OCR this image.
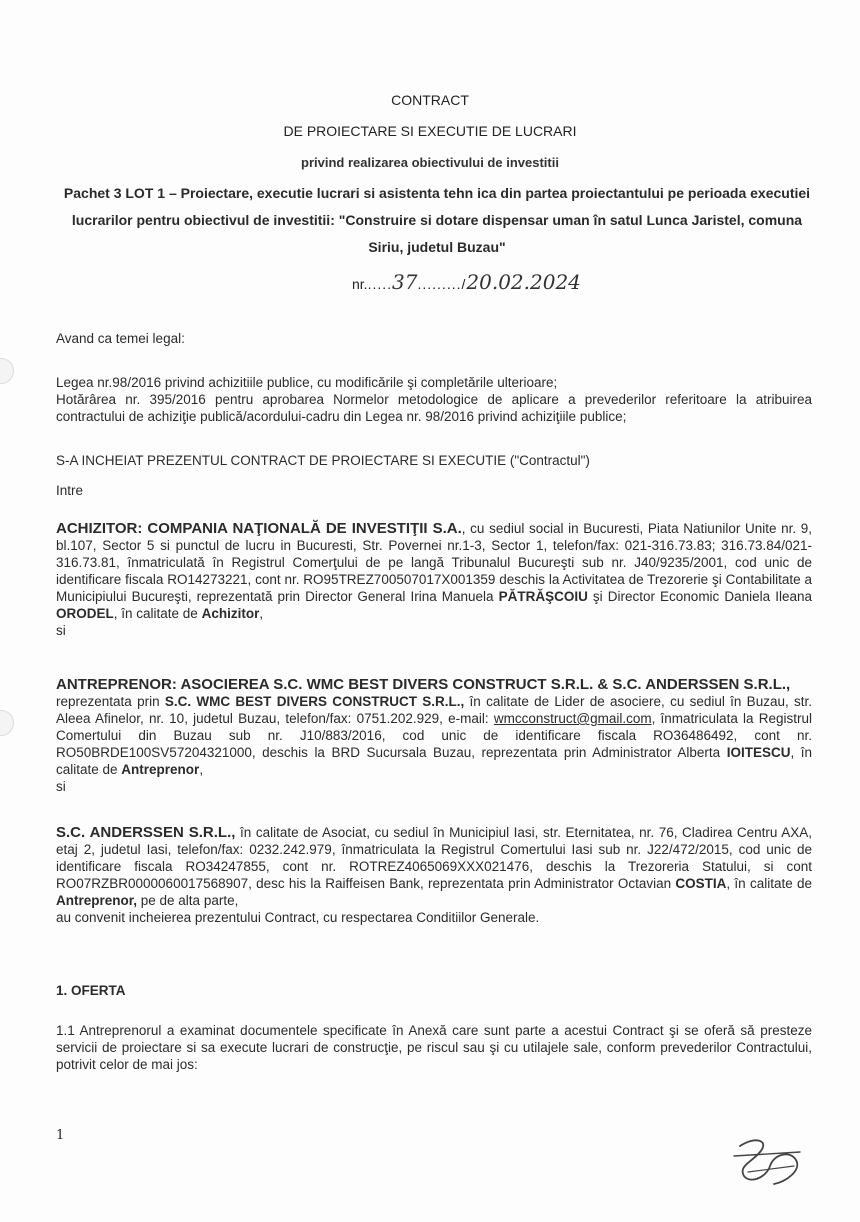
CONTRACT
DE PROIECTARE SI EXECUTIE DE LUCRARI
privind realizarea obiectivului de investitii
Pachet 3 LOT 1 – Proiectare, executie lucrari si asistenta tehn ica din partea proiectantului pe perioada executiei lucrarilor pentru obiectivul de investitii: "Construire si dotare dispensar uman în satul Lunca Jaristel, comuna Siriu, judetul Buzau"
nr......37........./20.02.2024
Avand ca temei legal:
Legea nr.98/2016 privind achizitiile publice, cu modificările şi completările ulterioare;
Hotărârea nr. 395/2016 pentru aprobarea Normelor metodologice de aplicare a prevederilor referitoare la atribuirea contractului de achiziţie publică/acordului-cadru din Legea nr. 98/2016 privind achiziţiile publice;
S-A INCHEIAT PREZENTUL CONTRACT DE PROIECTARE SI EXECUTIE ("Contractul")
Intre
ACHIZITOR: COMPANIA NAŢIONALĂ DE INVESTIŢII S.A., cu sediul social in Bucuresti, Piata Natiunilor Unite nr. 9, bl.107, Sector 5 si punctul de lucru in Bucuresti, Str. Povernei nr.1-3, Sector 1, telefon/fax: 021-316.73.83; 316.73.84/021-316.73.81, înmatriculată în Registrul Comerţului de pe langă Tribunalul Bucureşti sub nr. J40/9235/2001, cod unic de identificare fiscala RO14273221, cont nr. RO95TREZ700507017X001359 deschis la Activitatea de Trezorerie şi Contabilitate a Municipiului Bucureşti, reprezentată prin Director General Irina Manuela PĂTRĂŞCOIU şi Director Economic Daniela Ileana ORODEL, în calitate de Achizitor,
si
ANTREPRENOR: ASOCIEREA S.C. WMC BEST DIVERS CONSTRUCT S.R.L. & S.C. ANDERSSEN S.R.L.,
reprezentata prin S.C. WMC BEST DIVERS CONSTRUCT S.R.L., în calitate de Lider de asociere, cu sediul în Buzau, str. Aleea Afinelor, nr. 10, judetul Buzau, telefon/fax: 0751.202.929, e-mail: wmcconstruct@gmail.com, înmatriculata la Registrul Comertului din Buzau sub nr. J10/883/2016, cod unic de identificare fiscala RO36486492, cont nr. RO50BRDE100SV57204321000, deschis la BRD Sucursala Buzau, reprezentata prin Administrator Alberta IOITESCU, în calitate de Antreprenor,
si
S.C. ANDERSSEN S.R.L., în calitate de Asociat, cu sediul în Municipiul Iasi, str. Eternitatea, nr. 76, Cladirea Centru AXA, etaj 2, judetul Iasi, telefon/fax: 0232.242.979, înmatriculata la Registrul Comertului Iasi sub nr. J22/472/2015, cod unic de identificare fiscala RO34247855, cont nr. ROTREZ4065069XXX021476, deschis la Trezoreria Statului, si cont RO07RZBR0000060017568907, desc his la Raiffeisen Bank, reprezentata prin Administrator Octavian COSTIA, în calitate de Antreprenor, pe de alta parte,
au convenit incheierea prezentului Contract, cu respectarea Conditiilor Generale.
1. OFERTA
1.1 Antreprenorul a examinat documentele specificate în Anexă care sunt parte a acestui Contract şi se oferă să presteze servicii de proiectare si sa execute lucrari de construcţie, pe riscul sau şi cu utilajele sale, conform prevederilor Contractului, potrivit celor de mai jos:
1
